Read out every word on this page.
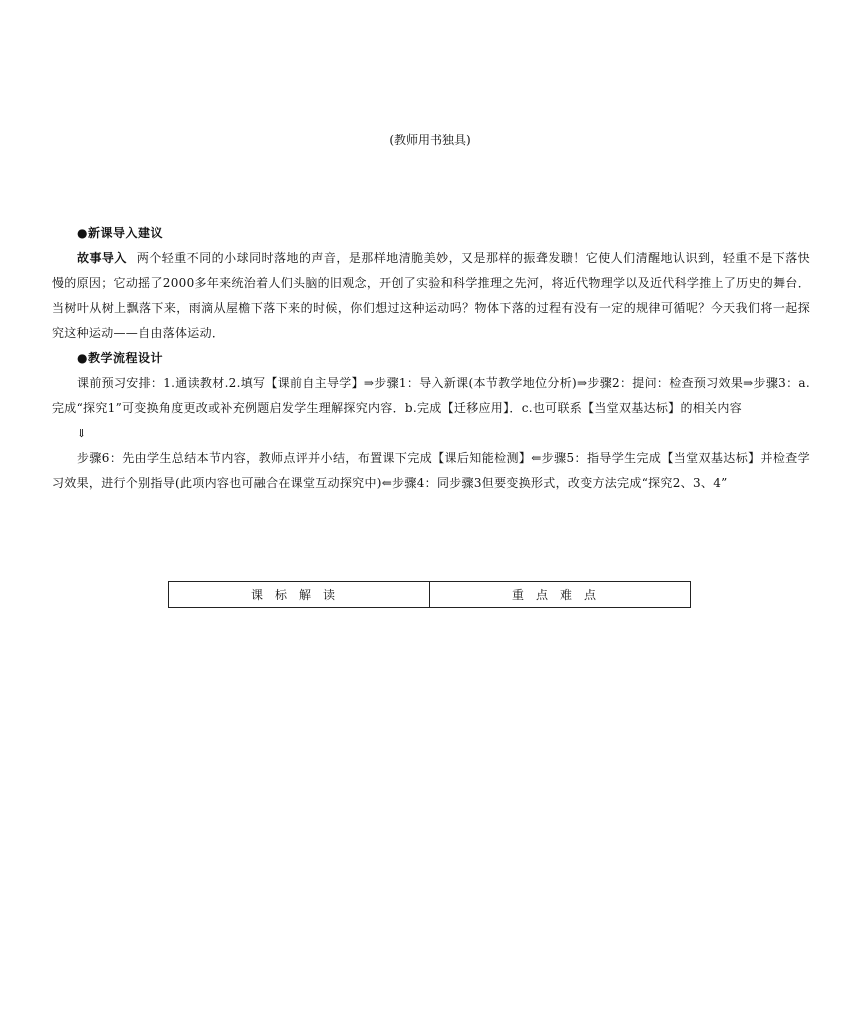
(教师用书独具)
●新课导入建议

故事导入 两个轻重不同的小球同时落地的声音，是那样地清脆美妙，又是那样的振聋发聩！它使人们清醒地认识到，轻重不是下落快慢的原因；它动摇了2000多年来统治着人们头脑的旧观念，开创了实验和科学推理之先河，将近代物理学以及近代科学推上了历史的舞台．当树叶从树上飘落下来，雨滴从屋檐下落下来的时候，你们想过这种运动吗？物体下落的过程有没有一定的规律可循呢？今天我们将一起探究这种运动——自由落体运动．

●教学流程设计

课前预习安排：1.通读教材.2.填写【课前自主导学】⇒步骤1：导入新课(本节教学地位分析)⇒步骤2：提问：检查预习效果⇒步骤3：a.完成“探究1”可变换角度更改或补充例题启发学生理解探究内容．b.完成【迁移应用】．c.也可联系【当堂双基达标】的相关内容

⇓

步骤6：先由学生总结本节内容，教师点评并小结，布置课下完成【课后知能检测】⇐步骤5：指导学生完成【当堂双基达标】并检查学习效果，进行个别指导(此项内容也可融合在课堂互动探究中)⇐步骤4：同步骤3但要变换形式，改变方法完成“探究2、3、4”

课标解读	重点难点
